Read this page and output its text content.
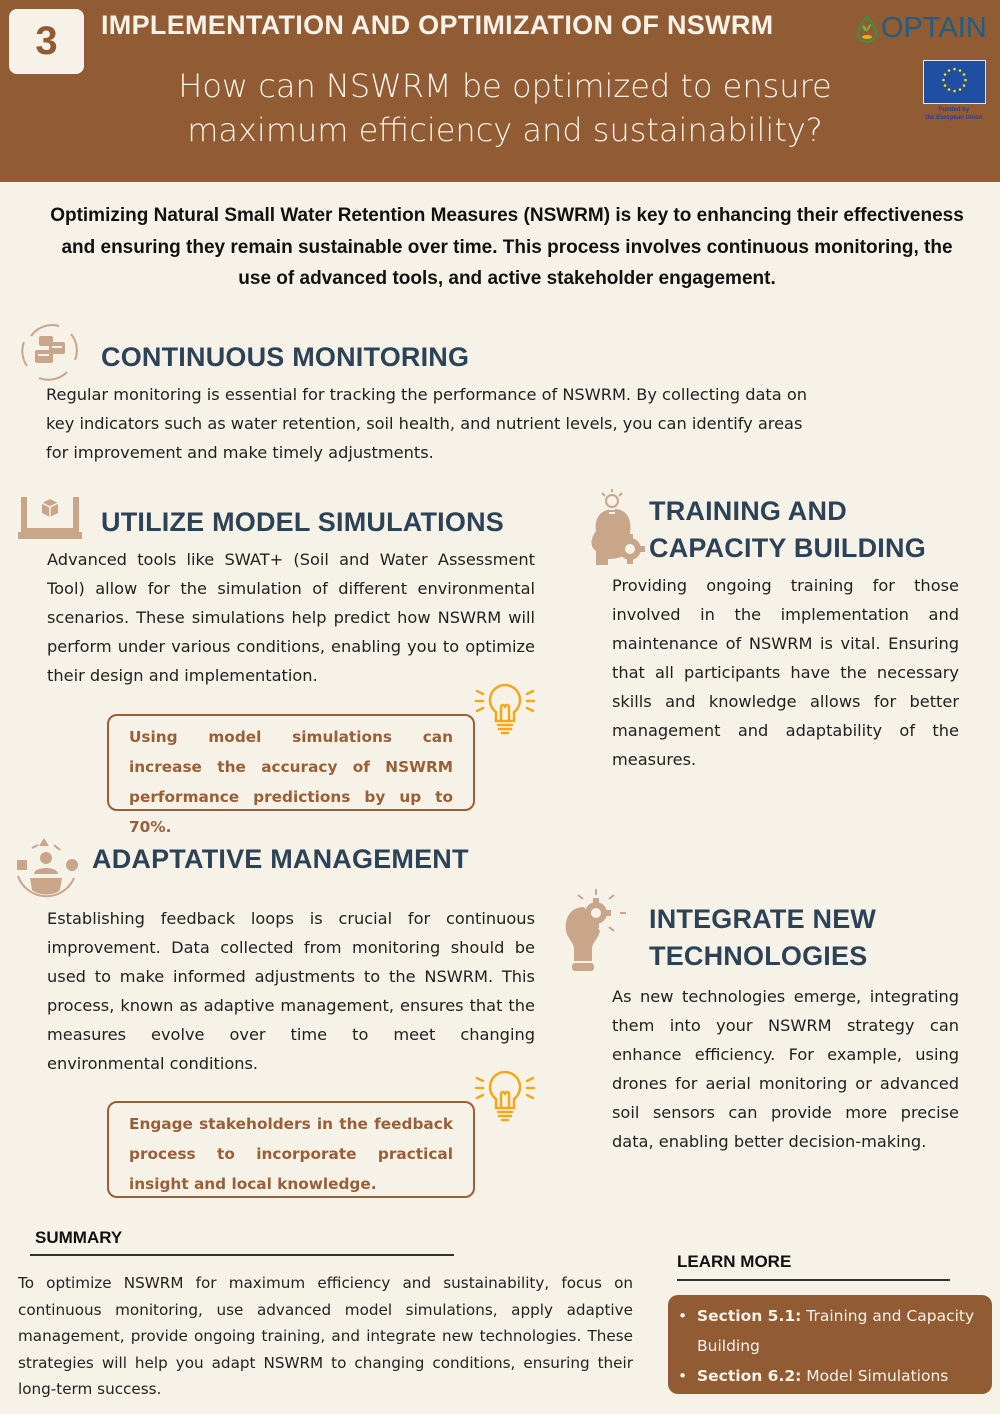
3	IMPLEMENTATION AND OPTIMIZATION OF NSWRM
How can NSWRM be optimized to ensure maximum efficiency and sustainability?
OPTAIN
Funded by
the European Union
Optimizing Natural Small Water Retention Measures (NSWRM) is key to enhancing their effectiveness and ensuring they remain sustainable over time. This process involves continuous monitoring, the use of advanced tools, and active stakeholder engagement.
CONTINUOUS MONITORING
Regular monitoring is essential for tracking the performance of NSWRM. By collecting data on key indicators such as water retention, soil health, and nutrient levels, you can identify areas for improvement and make timely adjustments.
UTILIZE MODEL SIMULATIONS
Advanced tools like SWAT+ (Soil and Water Assessment Tool) allow for the simulation of different environmental scenarios. These simulations help predict how NSWRM will perform under various conditions, enabling you to optimize their design and implementation.
Using model simulations can increase the accuracy of NSWRM performance predictions by up to 70%.
TRAINING AND
CAPACITY BUILDING
Providing ongoing training for those involved in the implementation and maintenance of NSWRM is vital. Ensuring that all participants have the necessary skills and knowledge allows for better management and adaptability of the measures.
ADAPTATIVE MANAGEMENT
Establishing feedback loops is crucial for continuous improvement. Data collected from monitoring should be used to make informed adjustments to the NSWRM. This process, known as adaptive management, ensures that the measures evolve over time to meet changing environmental conditions.
Engage stakeholders in the feedback process to incorporate practical insight and local knowledge.
INTEGRATE NEW
TECHNOLOGIES
As new technologies emerge, integrating them into your NSWRM strategy can enhance efficiency. For example, using drones for aerial monitoring or advanced soil sensors can provide more precise data, enabling better decision-making.
SUMMARY
To optimize NSWRM for maximum efficiency and sustainability, focus on continuous monitoring, use advanced model simulations, apply adaptive management, provide ongoing training, and integrate new technologies. These strategies will help you adapt NSWRM to changing conditions, ensuring their long-term success.
LEARN MORE
• Section 5.1: Training and Capacity Building
• Section 6.2: Model Simulations
